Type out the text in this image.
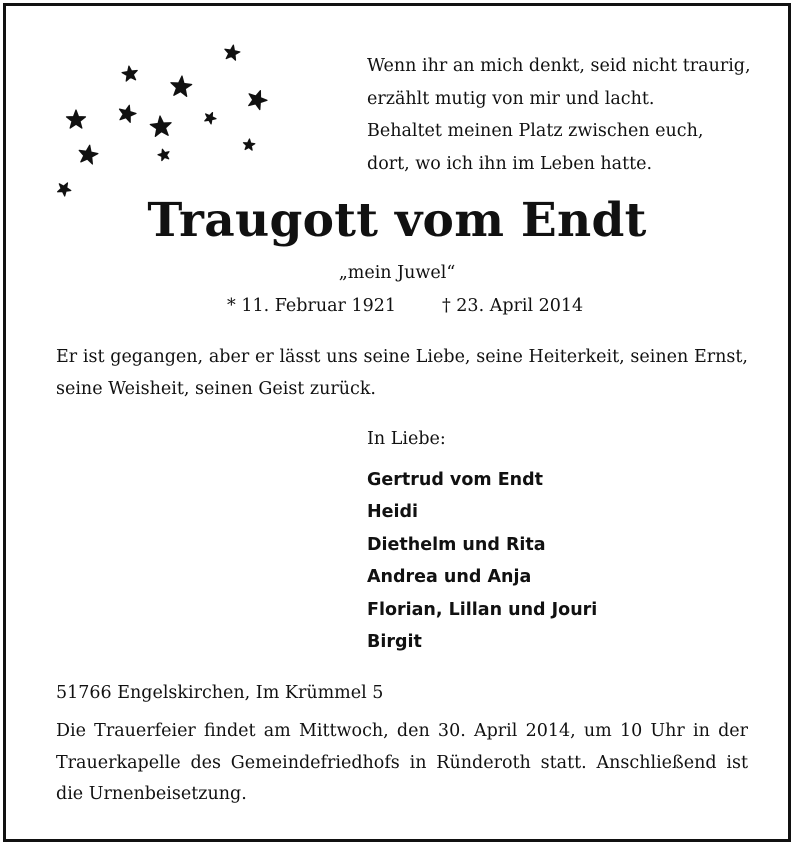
Wenn ihr an mich denkt, seid nicht traurig,
erzählt mutig von mir und lacht.
Behaltet meinen Platz zwischen euch,
dort, wo ich ihn im Leben hatte.
Traugott vom Endt
„mein Juwel“
* 11. Februar 1921	† 23. April 2014
Er ist gegangen, aber er lässt uns seine Liebe, seine Heiterkeit, seinen Ernst, seine Weisheit, seinen Geist zurück.
In Liebe:
Gertrud vom Endt
Heidi
Diethelm und Rita
Andrea und Anja
Florian, Lillan und Jouri
Birgit
51766 Engelskirchen, Im Krümmel 5
Die Trauerfeier findet am Mittwoch, den 30. April 2014, um 10 Uhr in der Trauerkapelle des Gemeindefriedhofs in Ründeroth statt. Anschließend ist die Urnenbeisetzung.
